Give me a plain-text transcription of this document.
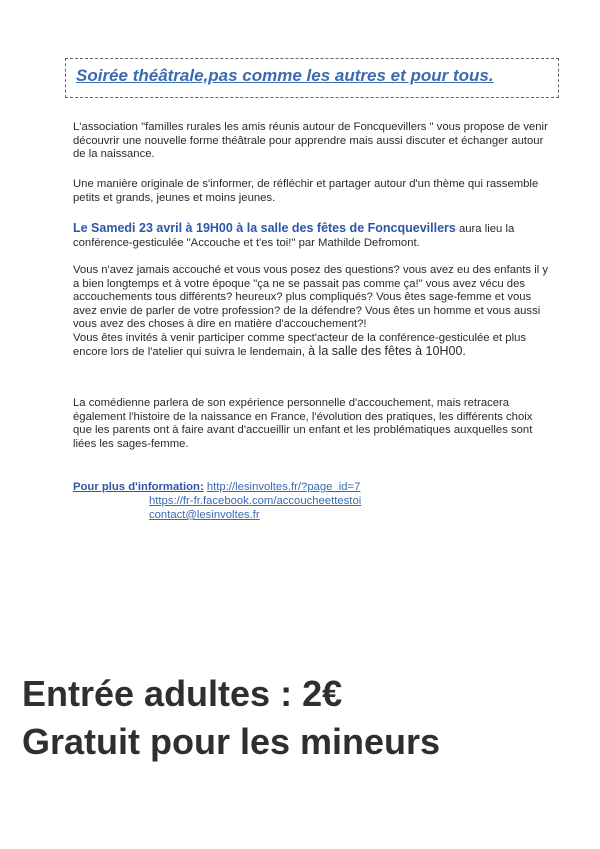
Soirée théâtrale,pas comme les autres et pour tous.
L'association "familles rurales les amis réunis autour de Foncquevillers " vous propose de venir découvrir une nouvelle forme théâtrale pour apprendre mais aussi discuter et échanger autour de la naissance.
Une manière originale de s'informer, de réfléchir et partager autour d'un thème qui rassemble petits et grands, jeunes et moins jeunes.
Le Samedi 23 avril à 19H00 à la salle des fêtes de Foncquevillers aura lieu la conférence-gesticulée "Accouche et t'es toi!" par Mathilde Defromont.
Vous n'avez jamais accouché et vous vous posez des questions? vous avez eu des enfants il y a bien longtemps et à votre époque "ça ne se passait pas comme ça!" vous avez vécu des accouchements tous différents? heureux? plus compliqués? Vous êtes sage-femme et vous avez envie de parler de votre profession? de la défendre? Vous êtes un homme et vous aussi vous avez des choses à dire en matière d'accouchement?!
Vous êtes invités à venir participer comme spect'acteur de la conférence-gesticulée et plus encore lors de l'atelier qui suivra le lendemain, à la salle des fêtes à 10H00.
La comédienne parlera de son expérience personnelle d'accouchement, mais retracera également l'histoire de la naissance en France, l'évolution des pratiques, les différents choix que les parents ont à faire avant d'accueillir un enfant et les problématiques auxquelles sont liées les sages-femme.
Pour plus d'information: http://lesinvoltes.fr/?page_id=7
https://fr-fr.facebook.com/accoucheettestoi
contact@lesinvoltes.fr
Entrée adultes : 2€
Gratuit pour les mineurs
